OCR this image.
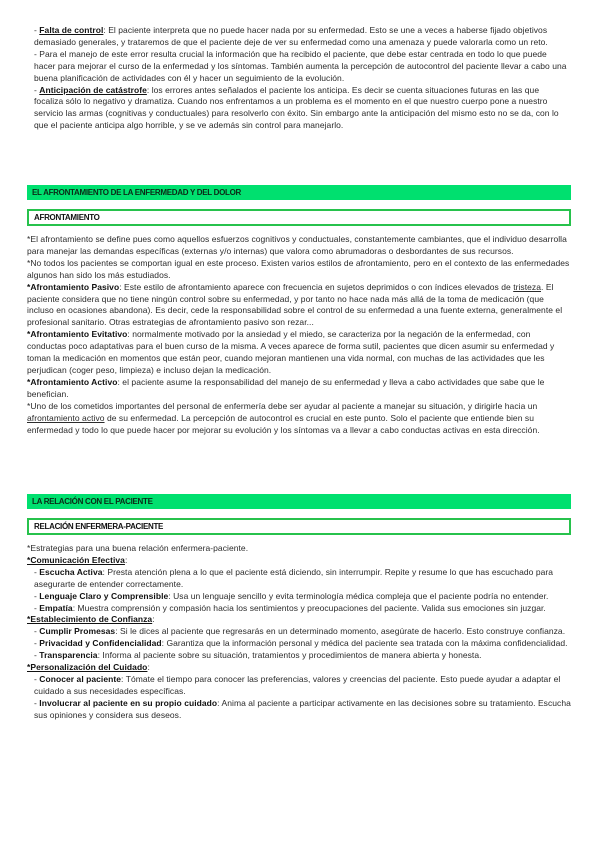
- Falta de control: El paciente interpreta que no puede hacer nada por su enfermedad. Esto se une a veces a haberse fijado objetivos demasiado generales, y trataremos de que el paciente deje de ver su enfermedad como una amenaza y puede valorarla como un reto.

- Para el manejo de este error resulta crucial la información que ha recibido el paciente, que debe estar centrada en todo lo que puede hacer para mejorar el curso de la enfermedad y los síntomas. También aumenta la percepción de autocontrol del paciente llevar a cabo una buena planificación de actividades con él y hacer un seguimiento de la evolución.

- Anticipación de catástrofe: los errores antes señalados el paciente los anticipa. Es decir se cuenta situaciones futuras en las que focaliza sólo lo negativo y dramatiza. Cuando nos enfrentamos a un problema es el momento en el que nuestro cuerpo pone a nuestro servicio las armas (cognitivas y conductuales) para resolverlo con éxito. Sin embargo ante la anticipación del mismo esto no se da, con lo que el paciente anticipa algo horrible, y se ve además sin control para manejarlo.

EL AFRONTAMIENTO DE LA ENFERMEDAD Y DEL DOLOR
AFRONTAMIENTO

*El afrontamiento se define pues como aquellos esfuerzos cognitivos y conductuales, constantemente cambiantes, que el individuo desarrolla para manejar las demandas específicas (externas y/o internas) que valora como abrumadoras o desbordantes de sus recursos.

*No todos los pacientes se comportan igual en este proceso. Existen varios estilos de afrontamiento, pero en el contexto de las enfermedades algunos han sido los más estudiados.

*Afrontamiento Pasivo: Este estilo de afrontamiento aparece con frecuencia en sujetos deprimidos o con índices elevados de tristeza. El paciente considera que no tiene ningún control sobre su enfermedad, y por tanto no hace nada más allá de la toma de medicación (que incluso en ocasiones abandona). Es decir, cede la responsabilidad sobre el control de su enfermedad a una fuente externa, generalmente el profesional sanitario. Otras estrategias de afrontamiento pasivo son rezar...

*Afrontamiento Evitativo: normalmente motivado por la ansiedad y el miedo, se caracteriza por la negación de la enfermedad, con conductas poco adaptativas para el buen curso de la misma. A veces aparece de forma sutil, pacientes que dicen asumir su enfermedad y toman la medicación en momentos que están peor, cuando mejoran mantienen una vida normal, con muchas de las actividades que les perjudican (coger peso, limpieza) e incluso dejan la medicación.

*Afrontamiento Activo: el paciente asume la responsabilidad del manejo de su enfermedad y lleva a cabo actividades que sabe que le benefician.

*Uno de los cometidos importantes del personal de enfermería debe ser ayudar al paciente a manejar su situación, y dirigirle hacia un afrontamiento activo de su enfermedad. La percepción de autocontrol es crucial en este punto. Solo el paciente que entiende bien su enfermedad y todo lo que puede hacer por mejorar su evolución y los síntomas va a llevar a cabo conductas activas en esta dirección.

LA RELACIÓN CON EL PACIENTE
RELACIÓN ENFERMERA-PACIENTE

*Estrategias para una buena relación enfermera-paciente.

*Comunicación Efectiva:

- Escucha Activa: Presta atención plena a lo que el paciente está diciendo, sin interrumpir. Repite y resume lo que has escuchado para asegurarte de entender correctamente.

- Lenguaje Claro y Comprensible: Usa un lenguaje sencillo y evita terminología médica compleja que el paciente podría no entender.

- Empatía: Muestra comprensión y compasión hacia los sentimientos y preocupaciones del paciente. Valida sus emociones sin juzgar.

*Establecimiento de Confianza:

- Cumplir Promesas: Si le dices al paciente que regresarás en un determinado momento, asegúrate de hacerlo. Esto construye confianza.

- Privacidad y Confidencialidad: Garantiza que la información personal y médica del paciente sea tratada con la máxima confidencialidad.

- Transparencia: Informa al paciente sobre su situación, tratamientos y procedimientos de manera abierta y honesta.

*Personalización del Cuidado:

- Conocer al paciente: Tómate el tiempo para conocer las preferencias, valores y creencias del paciente. Esto puede ayudar a adaptar el cuidado a sus necesidades específicas.

- Involucrar al paciente en su propio cuidado: Anima al paciente a participar activamente en las decisiones sobre su tratamiento. Escucha sus opiniones y considera sus deseos.
